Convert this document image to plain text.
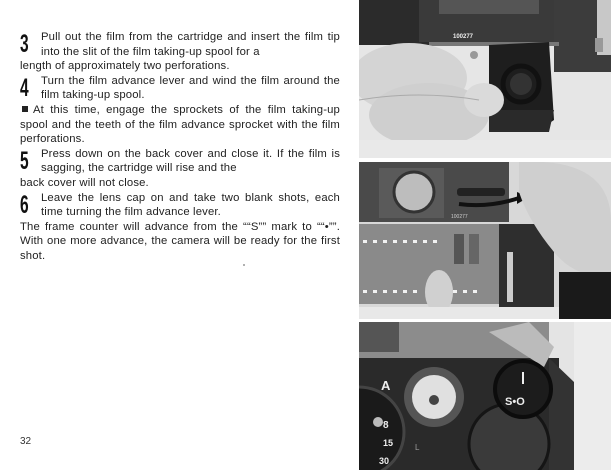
3 Pull out the film from the cartridge and insert the film tip into the slit of the film taking-up spool for a
length of approximately two perforations.
4 Turn the film advance lever and wind the film around the film taking-up spool.
At this time, engage the sprockets of the film taking-up spool and the teeth of the film advance sprocket with the film perforations.
5 Press down on the back cover and close it. If the film is sagging, the cartridge will rise and the
back cover will not close.
6 Leave the lens cap on and take two blank shots, each time turning the film advance lever.
The frame counter will advance from the ““S”” mark to ““•””. With one more advance, the camera will be ready for the first shot.
32
100277
100277
A
8
15
30
L
S•O
